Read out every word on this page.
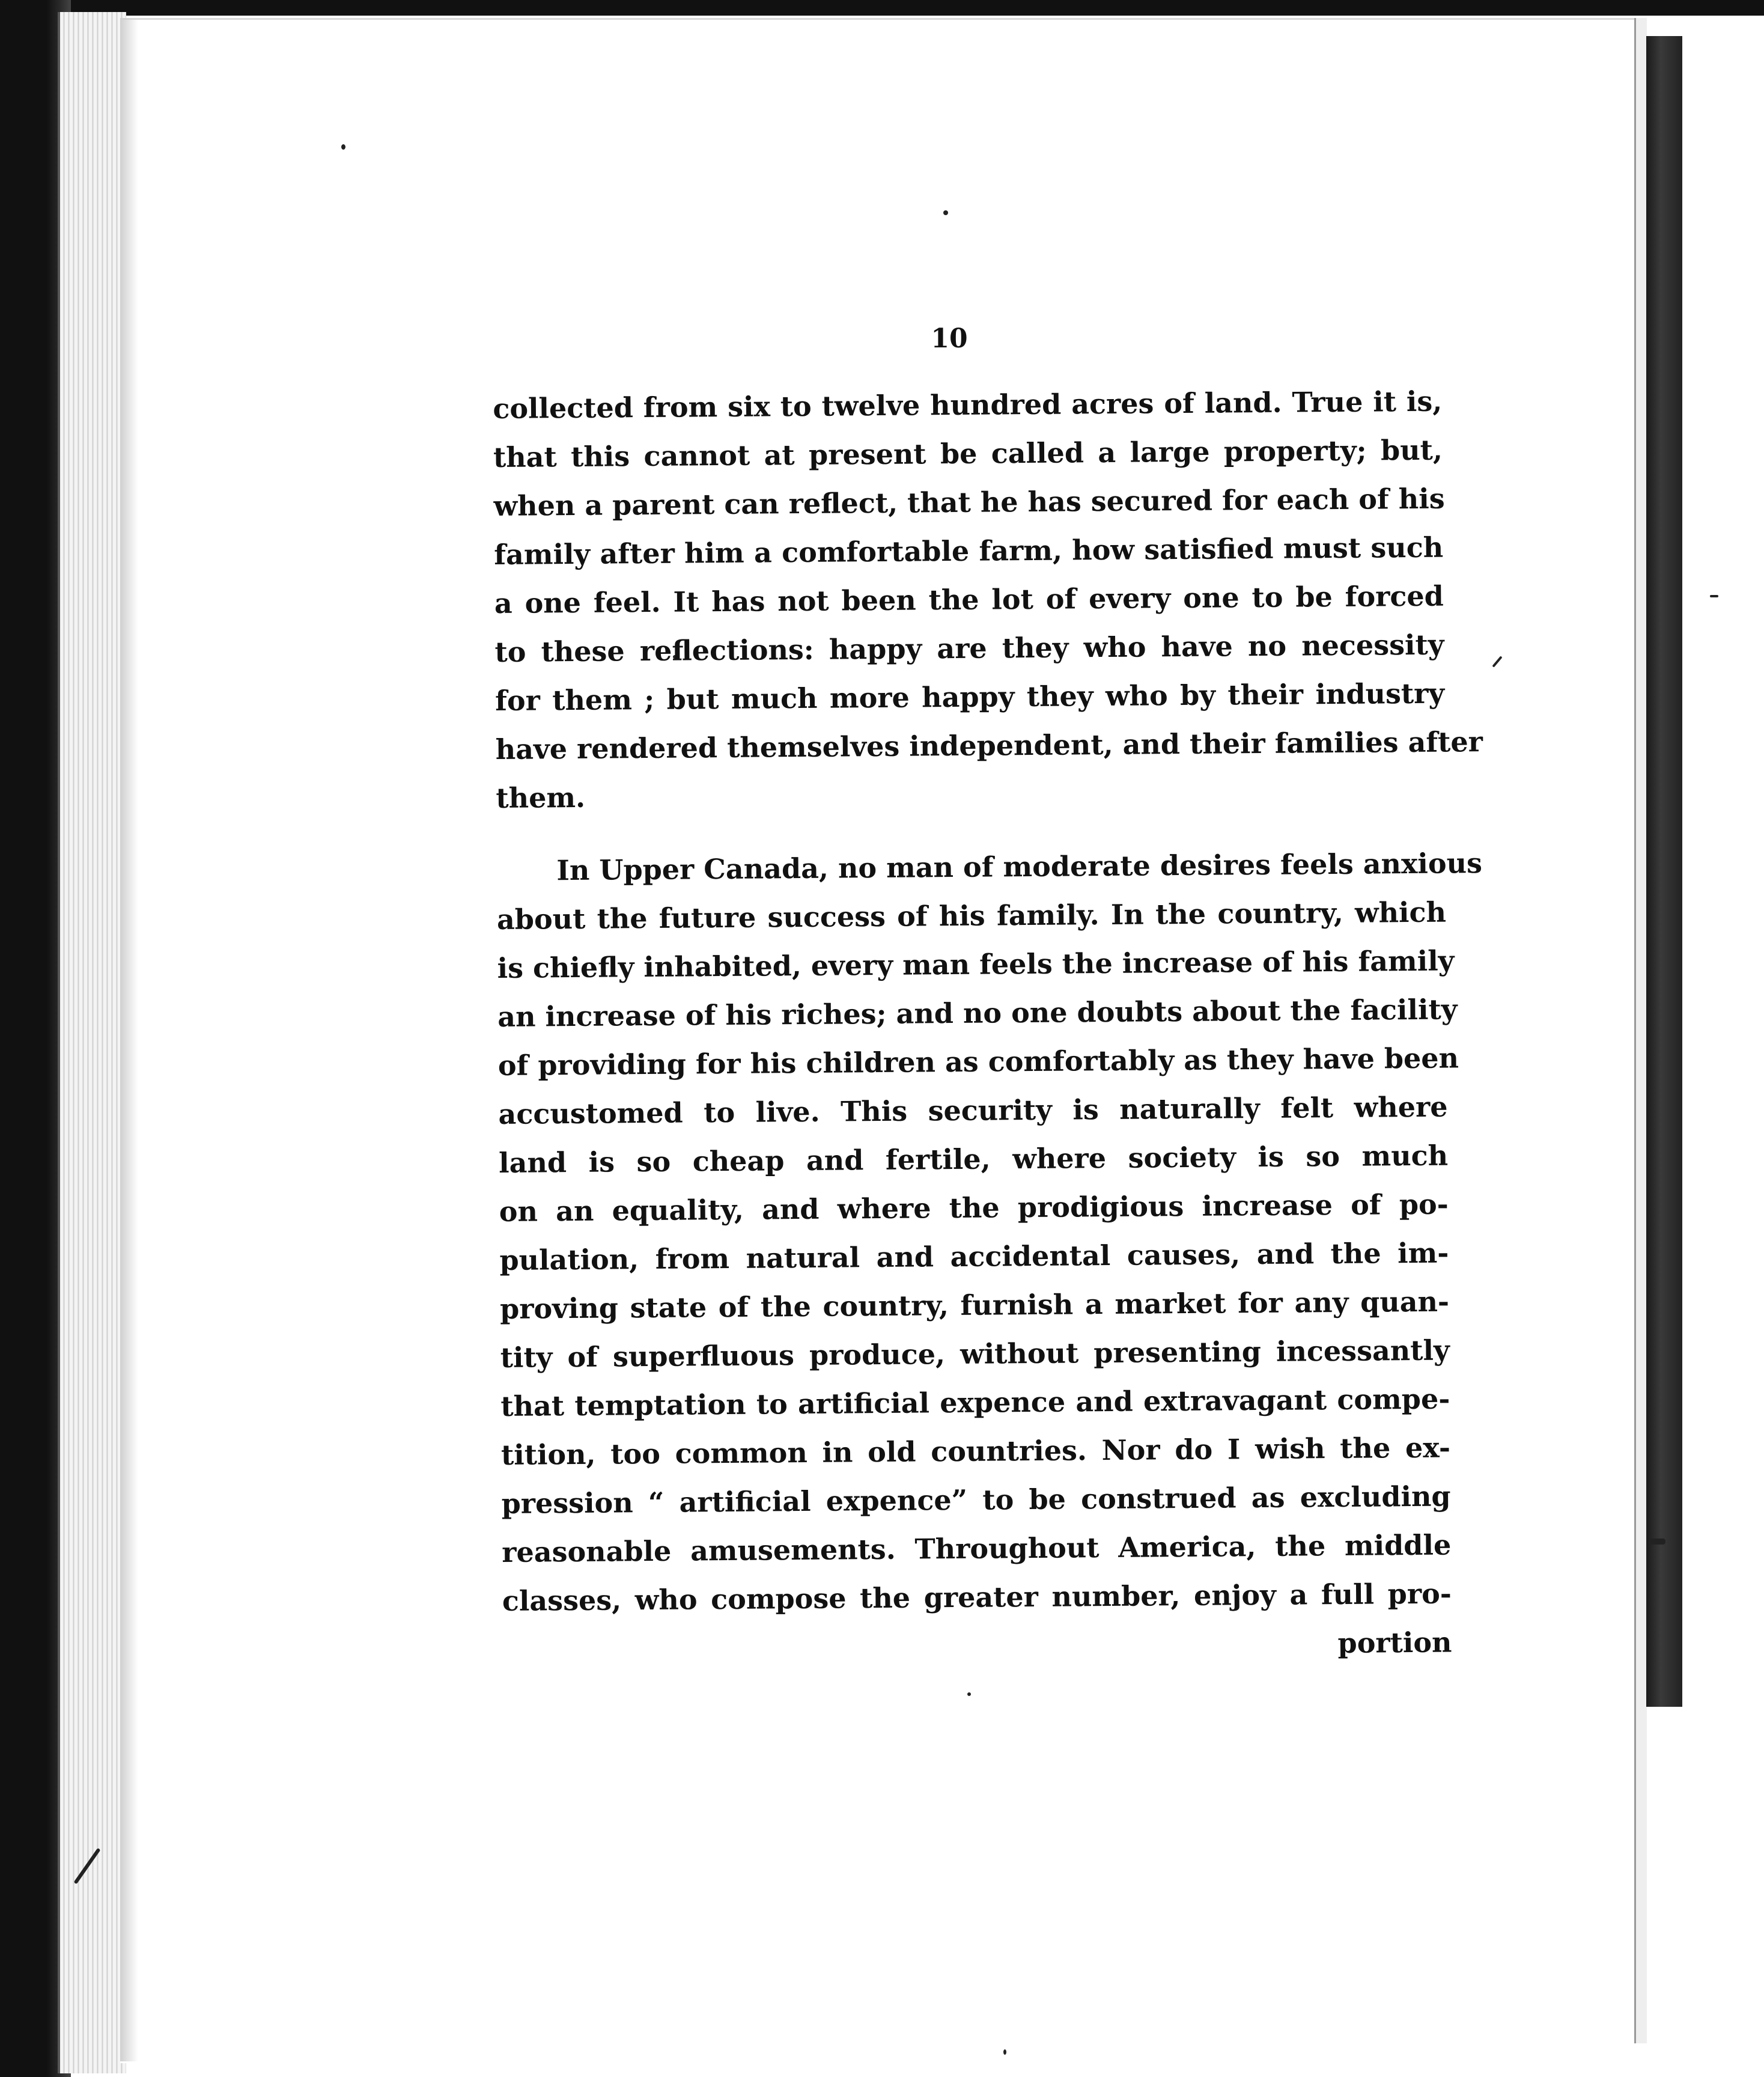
10

collected from six to twelve hundred acres of land. True it is,
that this cannot at present be called a large property; but,
when a parent can reflect, that he has secured for each of his
family after him a comfortable farm, how satisfied must such
a one feel. It has not been the lot of every one to be forced
to these reflections: happy are they who have no necessity
for them ; but much more happy they who by their industry
have rendered themselves independent, and their families after
them.

In Upper Canada, no man of moderate desires feels anxious
about the future success of his family. In the country, which
is chiefly inhabited, every man feels the increase of his family
an increase of his riches; and no one doubts about the facility
of providing for his children as comfortably as they have been
accustomed to live. This security is naturally felt where
land is so cheap and fertile, where society is so much
on an equality, and where the prodigious increase of po-
pulation, from natural and accidental causes, and the im-
proving state of the country, furnish a market for any quan-
tity of superfluous produce, without presenting incessantly
that temptation to artificial expence and extravagant compe-
tition, too common in old countries. Nor do I wish the ex-
pression “ artificial expence” to be construed as excluding
reasonable amusements. Throughout America, the middle
classes, who compose the greater number, enjoy a full pro-
portion
